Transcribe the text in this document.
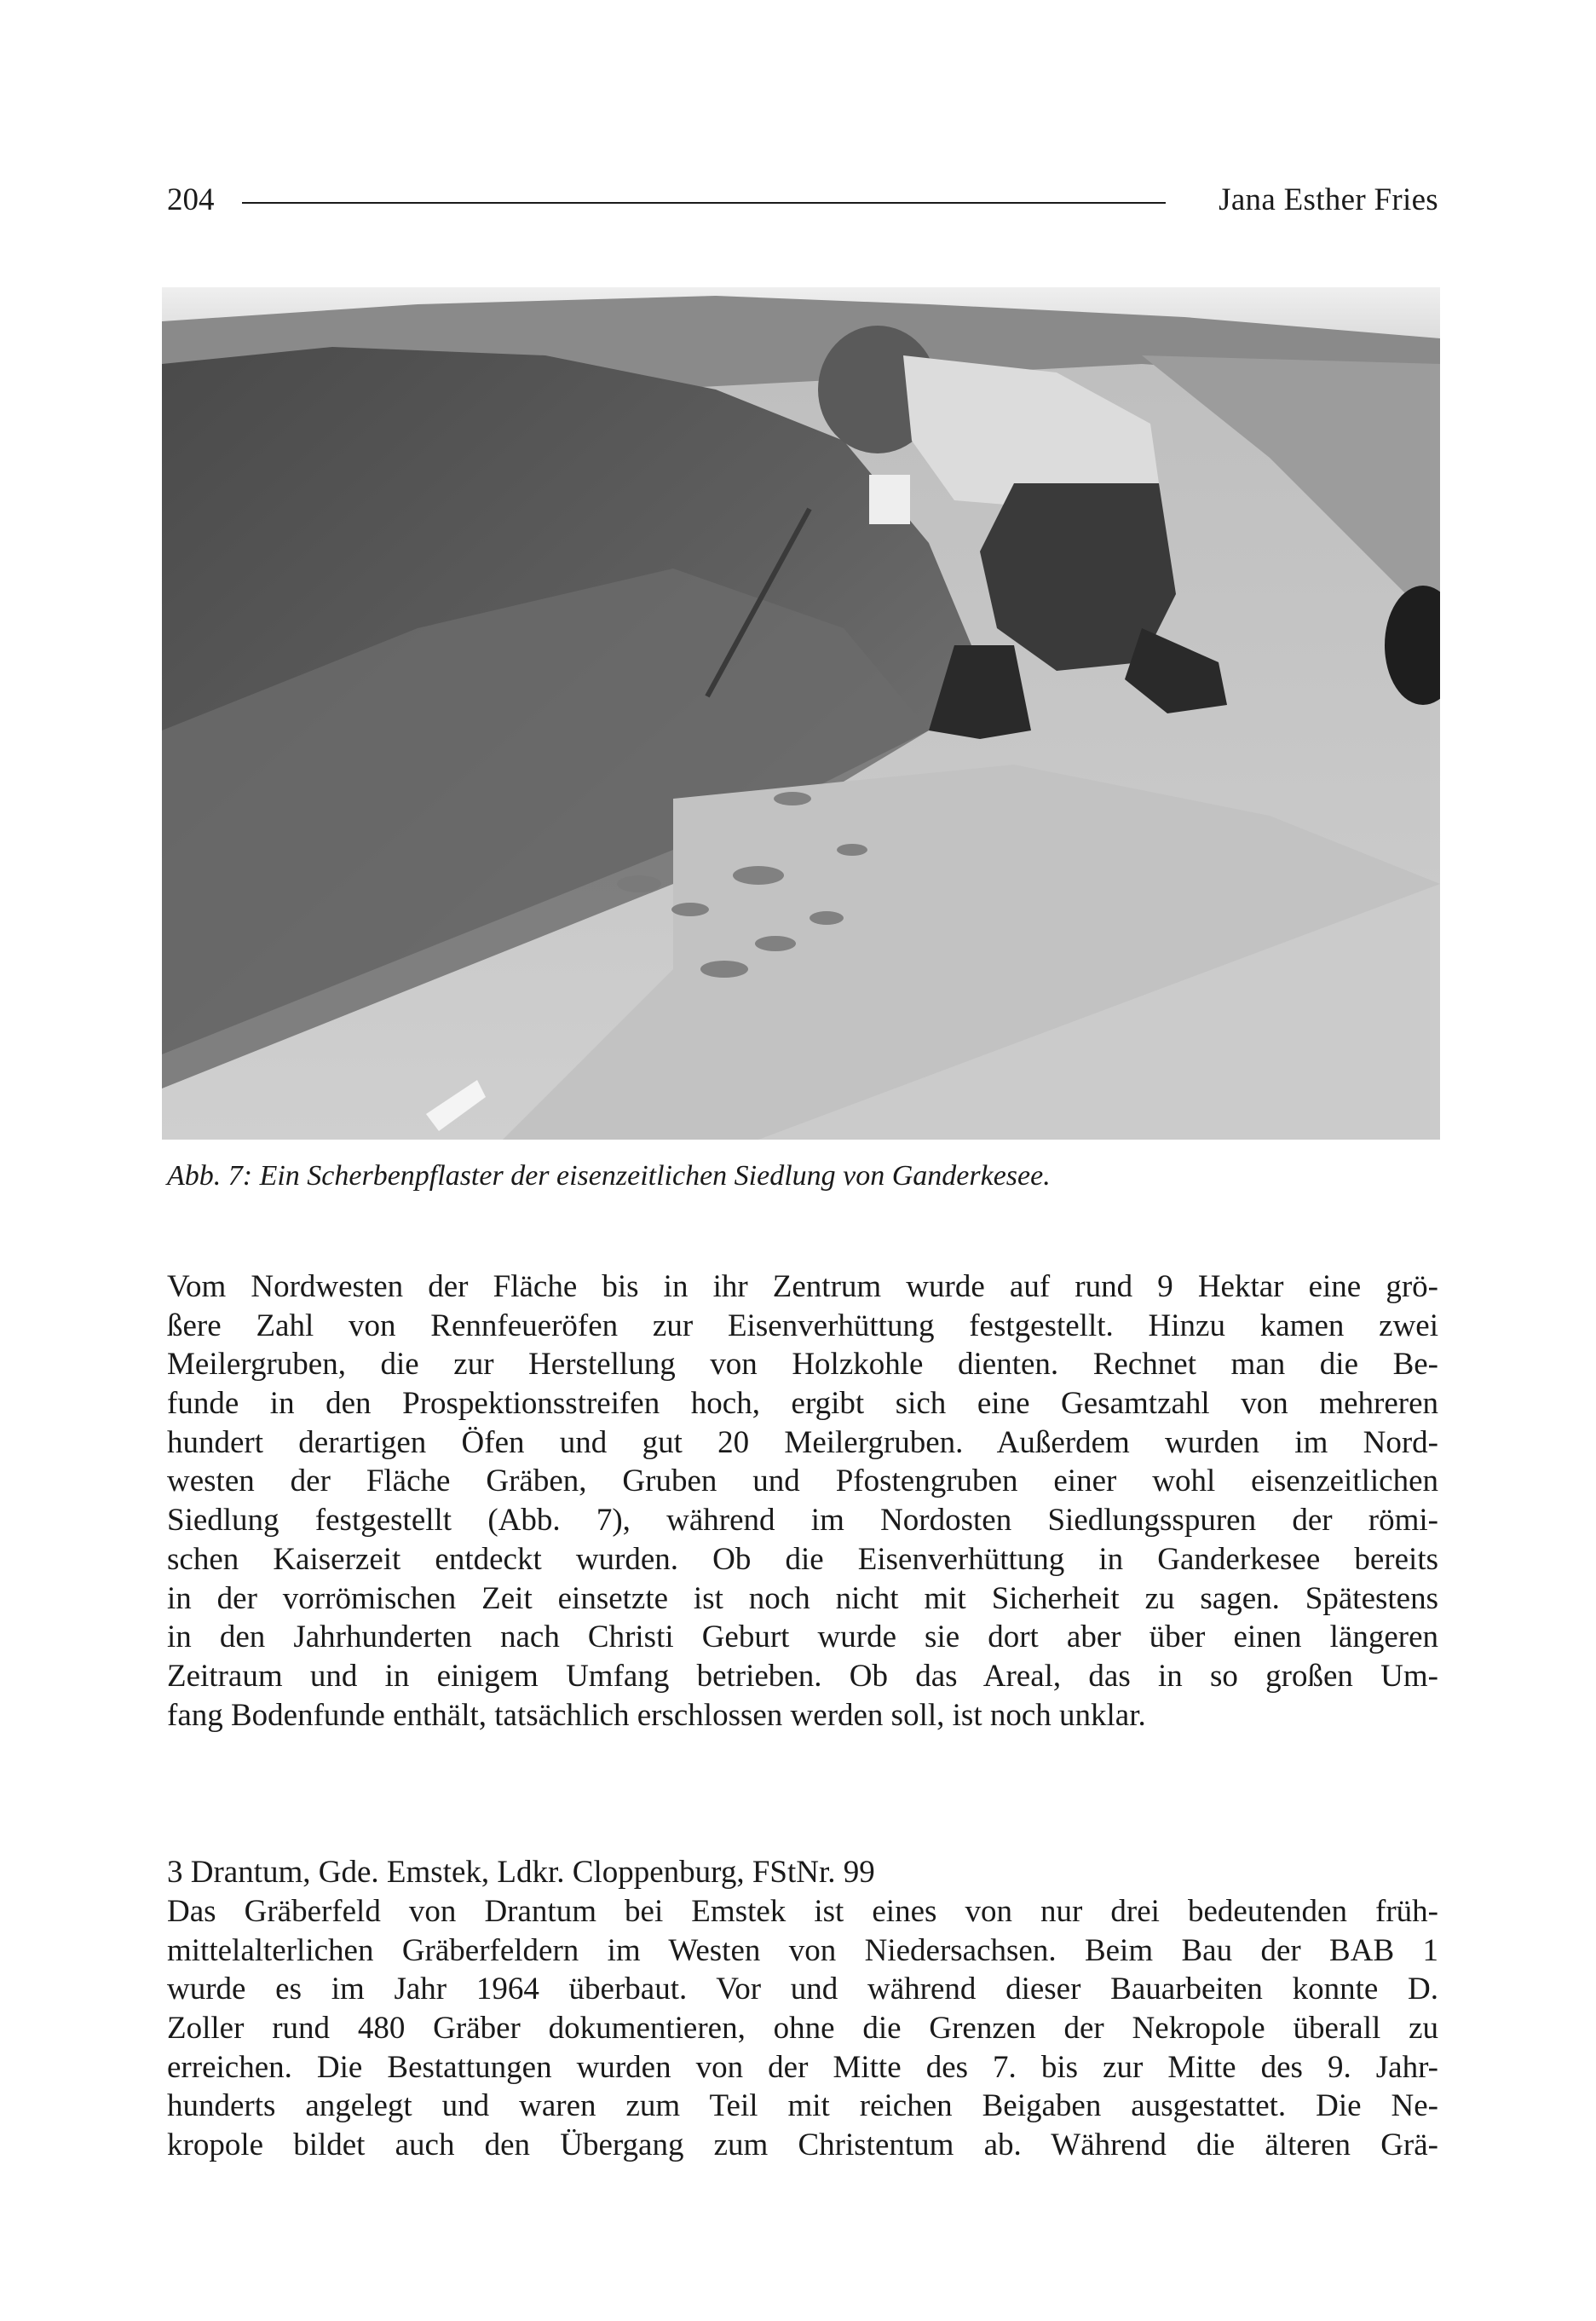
204	Jana Esther Fries
Abb. 7: Ein Scherbenpflaster der eisenzeitlichen Siedlung von Ganderkesee.
Vom Nordwesten der Fläche bis in ihr Zentrum wurde auf rund 9 Hektar eine grö-
ßere Zahl von Rennfeueröfen zur Eisenverhüttung festgestellt. Hinzu kamen zwei
Meilergruben, die zur Herstellung von Holzkohle dienten. Rechnet man die Be-
funde in den Prospektionsstreifen hoch, ergibt sich eine Gesamtzahl von mehreren
hundert derartigen Öfen und gut 20 Meilergruben. Außerdem wurden im Nord-
westen der Fläche Gräben, Gruben und Pfostengruben einer wohl eisenzeitlichen
Siedlung festgestellt (Abb. 7), während im Nordosten Siedlungsspuren der römi-
schen Kaiserzeit entdeckt wurden. Ob die Eisenverhüttung in Ganderkesee bereits
in der vorrömischen Zeit einsetzte ist noch nicht mit Sicherheit zu sagen. Spätestens
in den Jahrhunderten nach Christi Geburt wurde sie dort aber über einen längeren
Zeitraum und in einigem Umfang betrieben. Ob das Areal, das in so großen Um-
fang Bodenfunde enthält, tatsächlich erschlossen werden soll, ist noch unklar.
3 Drantum, Gde. Emstek, Ldkr. Cloppenburg, FStNr. 99
Das Gräberfeld von Drantum bei Emstek ist eines von nur drei bedeutenden früh-
mittelalterlichen Gräberfeldern im Westen von Niedersachsen. Beim Bau der BAB 1
wurde es im Jahr 1964 überbaut. Vor und während dieser Bauarbeiten konnte D.
Zoller rund 480 Gräber dokumentieren, ohne die Grenzen der Nekropole überall zu
erreichen. Die Bestattungen wurden von der Mitte des 7. bis zur Mitte des 9. Jahr-
hunderts angelegt und waren zum Teil mit reichen Beigaben ausgestattet. Die Ne-
kropole bildet auch den Übergang zum Christentum ab. Während die älteren Grä-
